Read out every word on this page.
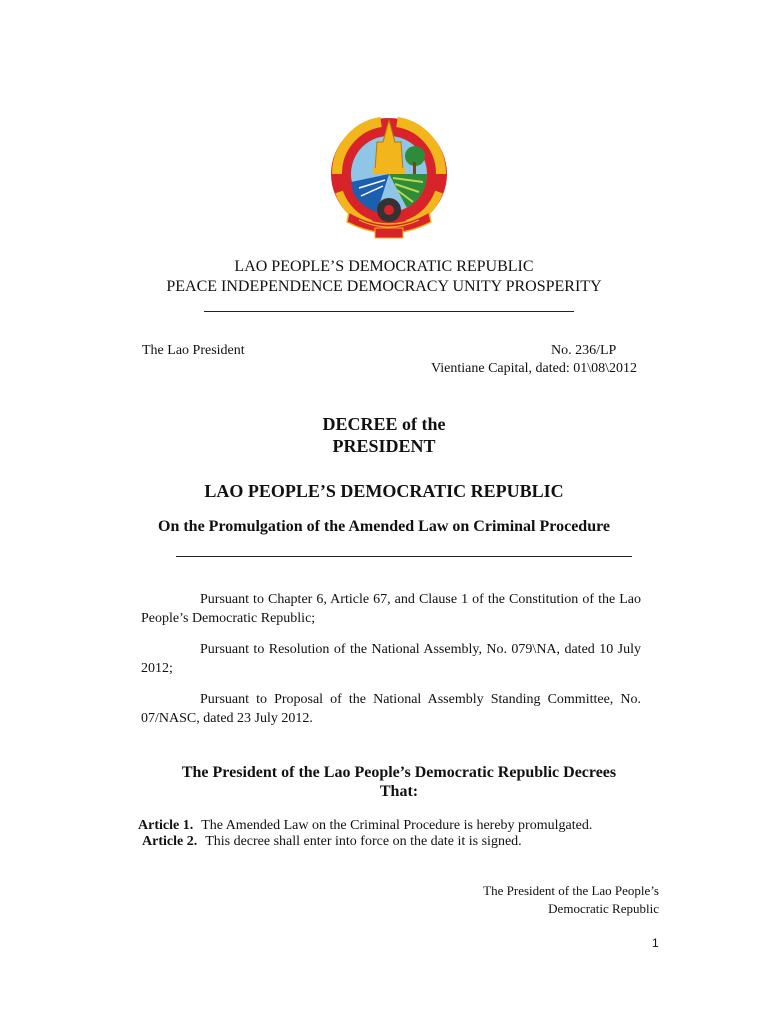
LAO PEOPLE’S DEMOCRATIC REPUBLIC
PEACE INDEPENDENCE DEMOCRACY UNITY PROSPERITY
The Lao President	No. 236/LP
Vientiane Capital, dated: 01\08\2012
DECREE of the
PRESIDENT
LAO PEOPLE’S DEMOCRATIC REPUBLIC
On the Promulgation of the Amended Law on Criminal Procedure

Pursuant to Chapter 6, Article 67, and Clause 1 of the Constitution of the Lao People’s Democratic Republic;

Pursuant to Resolution of the National Assembly, No. 079\NA, dated 10 July 2012;

Pursuant to Proposal of the National Assembly Standing Committee, No. 07/NASC, dated 23 July 2012.

The President of the Lao People’s Democratic Republic Decrees
That:
Article 1. The Amended Law on the Criminal Procedure is hereby promulgated.
Article 2. This decree shall enter into force on the date it is signed.
The President of the Lao People’s
Democratic Republic
1
